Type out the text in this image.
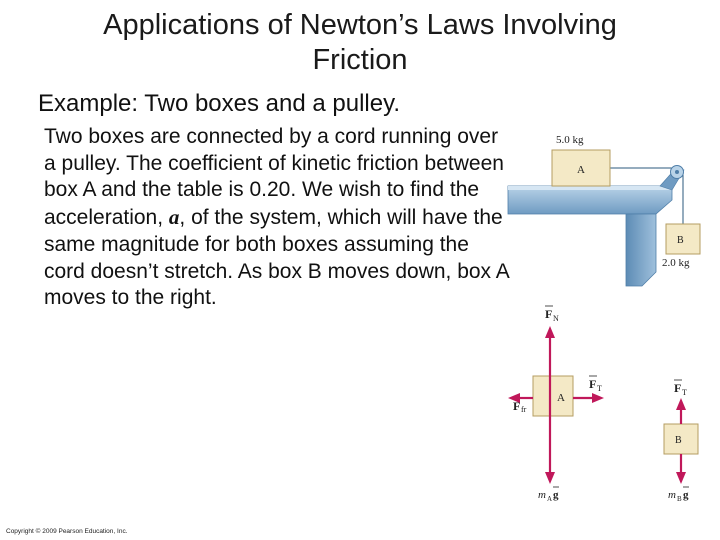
Applications of Newton’s Laws Involving
Friction
Example: Two boxes and a pulley.
Two boxes are connected by a cord running over a pulley. The coefficient of kinetic friction between box A and the table is 0.20. We wish to find the acceleration, a, of the system, which will have the same magnitude for both boxes assuming the cord doesn’t stretch. As box B moves down, box A moves to the right.
5.0 kg
A
B
2.0 kg
A
F N
m A g
F fr
F T
B
F T
m B g
Copyright © 2009 Pearson Education, Inc.
